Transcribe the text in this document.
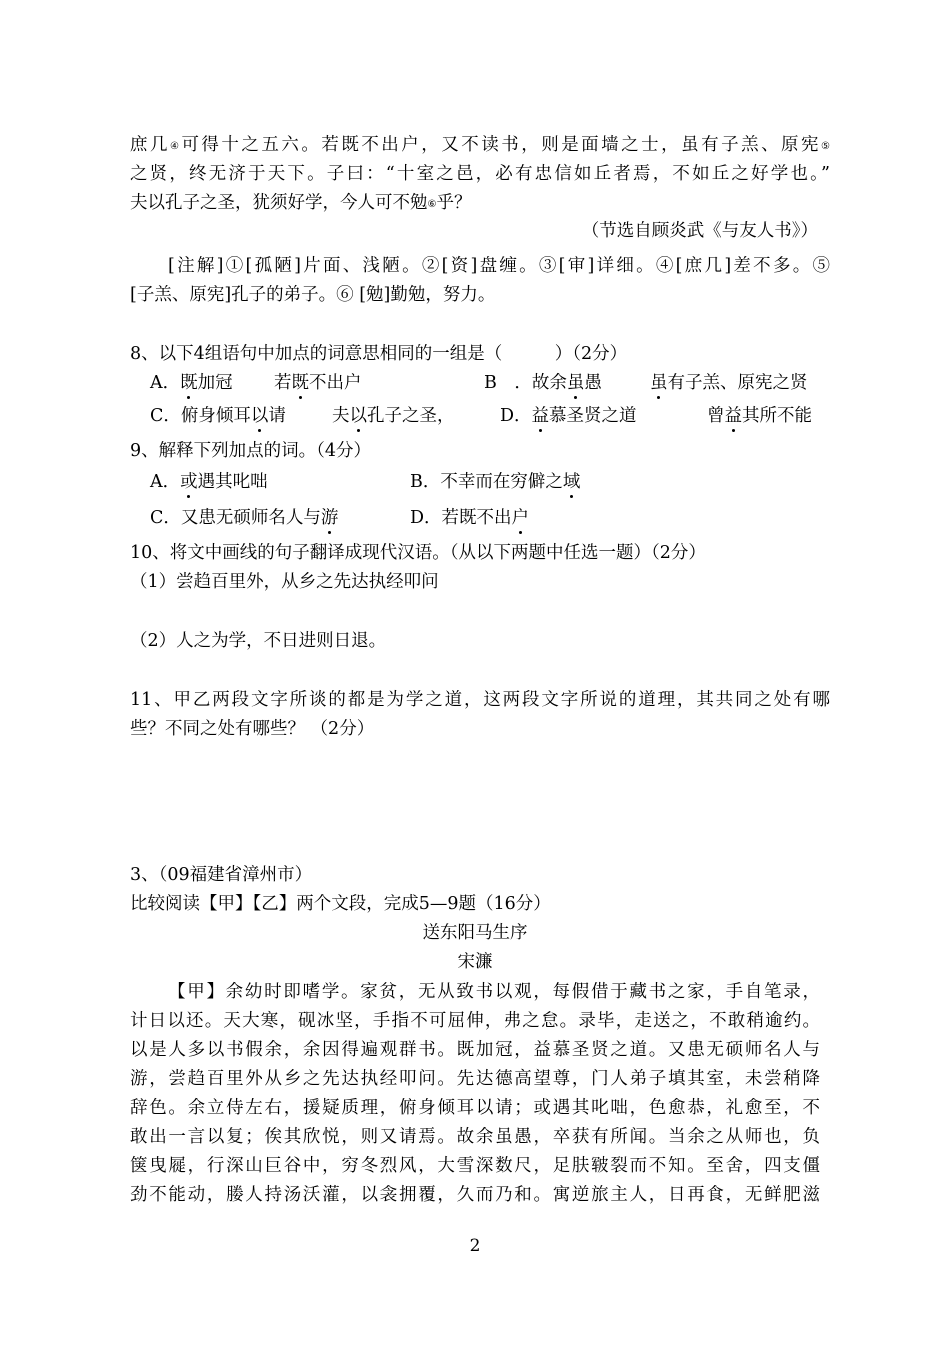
庶几④可得十之五六。若既不出户，又不读书，则是面墙之士，虽有子羔、原宪⑤
之贤，终无济于天下。子曰：“十室之邑，必有忠信如丘者焉，不如丘之好学也。”
夫以孔子之圣，犹须好学，今人可不勉⑥乎？
（节选自顾炎武《与友人书》）
[注解]①[孤陋]片面、浅陋。②[资]盘缠。③[审]详细。④[庶几]差不多。⑤
[子羔、原宪]孔子的弟子。⑥ [勉]勤勉，努力。
8、以下4组语句中加点的词意思相同的一组是（　　　）（2分）
A．既加冠 若既不出户	B　．故余虽愚	虽有子羔、原宪之贤
C．俯身倾耳以请	夫以孔子之圣，	D．益慕圣贤之道	曾益其所不能
9、解释下列加点的词。（4分）
A．或遇其叱咄	B．不幸而在穷僻之域
C．又患无硕师名人与游	D．若既不出户
10、将文中画线的句子翻译成现代汉语。（从以下两题中任选一题）（2分）
（1）尝趋百里外，从乡之先达执经叩问
（2）人之为学，不日进则日退。
11、甲乙两段文字所谈的都是为学之道，这两段文字所说的道理，其共同之处有哪
些？不同之处有哪些？ （2分）
3、（09福建省漳州市）
比较阅读【甲】【乙】两个文段，完成5—9题（16分）
送东阳马生序
宋濂
【甲】余幼时即嗜学。家贫，无从致书以观，每假借于藏书之家，手自笔录，
计日以还。天大寒，砚冰坚，手指不可屈伸，弗之怠。录毕，走送之，不敢稍逾约。
以是人多以书假余，余因得遍观群书。既加冠，益慕圣贤之道。又患无硕师名人与
游，尝趋百里外从乡之先达执经叩问。先达德高望尊，门人弟子填其室，未尝稍降
辞色。余立侍左右，援疑质理，俯身倾耳以请；或遇其叱咄，色愈恭，礼愈至，不
敢出一言以复；俟其欣悦，则又请焉。故余虽愚，卒获有所闻。当余之从师也，负
箧曳屣，行深山巨谷中，穷冬烈风，大雪深数尺，足肤皲裂而不知。至舍，四支僵
劲不能动，媵人持汤沃灌，以衾拥覆，久而乃和。寓逆旅主人，日再食，无鲜肥滋
2
